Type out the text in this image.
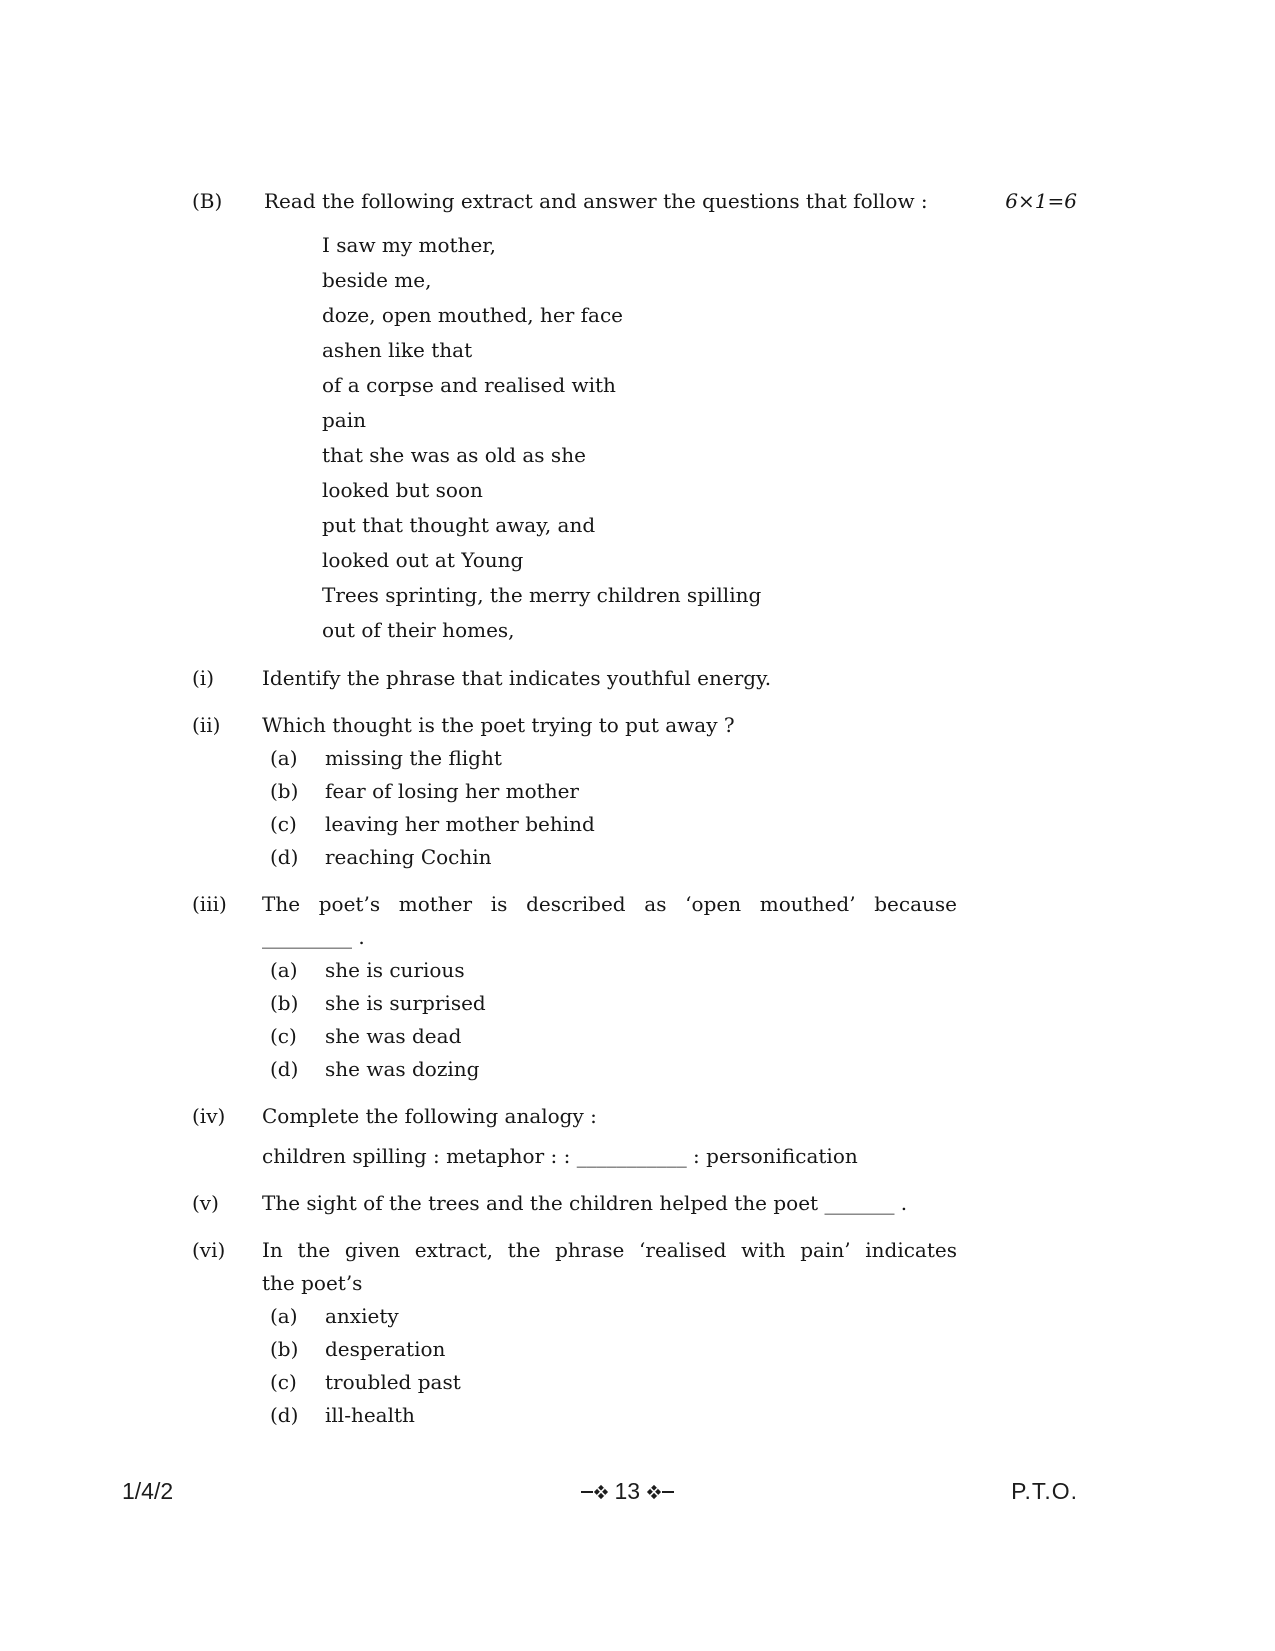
(B)	Read the following extract and answer the questions that follow :	6×1=6
I saw my mother,
beside me,
doze, open mouthed, her face
ashen like that
of a corpse and realised with
pain
that she was as old as she
looked but soon
put that thought away, and
looked out at Young
Trees sprinting, the merry children spilling
out of their homes,
(i)	Identify the phrase that indicates youthful energy.
(ii)	Which thought is the poet trying to put away ?
(a)	missing the flight
(b)	fear of losing her mother
(c)	leaving her mother behind
(d)	reaching Cochin
(iii)	The poet’s mother is described as ‘open mouthed’ because
_________ .
(a)	she is curious
(b)	she is surprised
(c)	she was dead
(d)	she was dozing
(iv)	Complete the following analogy :
children spilling : metaphor : : ___________ : personification
(v)	The sight of the trees and the children helped the poet _______ .
(vi)	In the given extract, the phrase ‘realised with pain’ indicates
the poet’s
(a)	anxiety
(b)	desperation
(c)	troubled past
(d)	ill-health
1/4/2	13	P.T.O.
